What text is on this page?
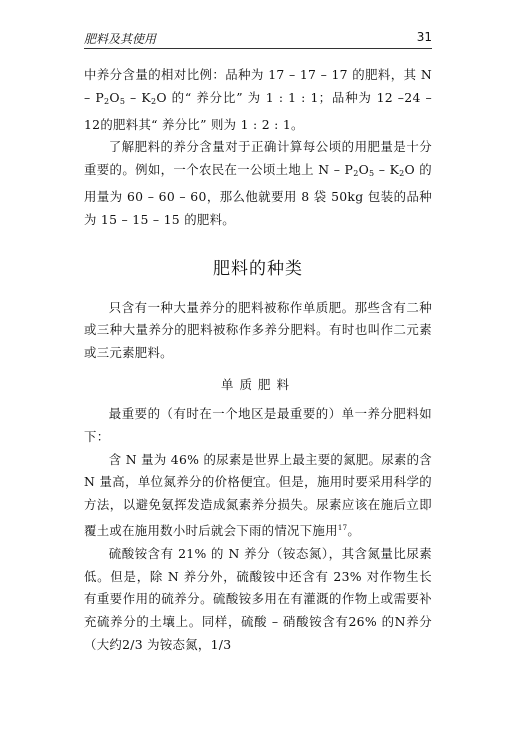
肥料及其使用	31

中养分含量的相对比例：品种为 17 – 17 – 17 的肥料，其 N – $P_2O_5 - K_2O$ 的“ 养分比” 为 1 : 1 : 1；品种为 12 –24 –12的肥料其“ 养分比” 则为 1 : 2 : 1。

了解肥料的养分含量对于正确计算每公顷的用肥量是十分重要的。例如，一个农民在一公顷土地上 N – $P_2O_5 - K_2O$ 的用量为 60 – 60 – 60，那么他就要用 8 袋 50kg 包装的品种为 15 – 15 – 15 的肥料。

肥料的种类

只含有一种大量养分的肥料被称作单质肥。那些含有二种或三种大量养分的肥料被称作多养分肥料。有时也叫作二元素或三元素肥料。

单质肥料

最重要的（有时在一个地区是最重要的）单一养分肥料如下：

含 N 量为 46% 的尿素是世界上最主要的氮肥。尿素的含 N 量高，单位氮养分的价格便宜。但是，施用时要采用科学的方法，以避免氨挥发造成氮素养分损失。尿素应该在施后立即覆土或在施用数小时后就会下雨的情况下施用$^{17}$。

硫酸铵含有 21% 的 N 养分（铵态氮），其含氮量比尿素低。但是，除 N 养分外，硫酸铵中还含有 23% 对作物生长有重要作用的硫养分。硫酸铵多用在有灌溉的作物上或需要补充硫养分的土壤上。同样，硫酸 – 硝酸铵含有26% 的N养分（大约2/3 为铵态氮，1/3
